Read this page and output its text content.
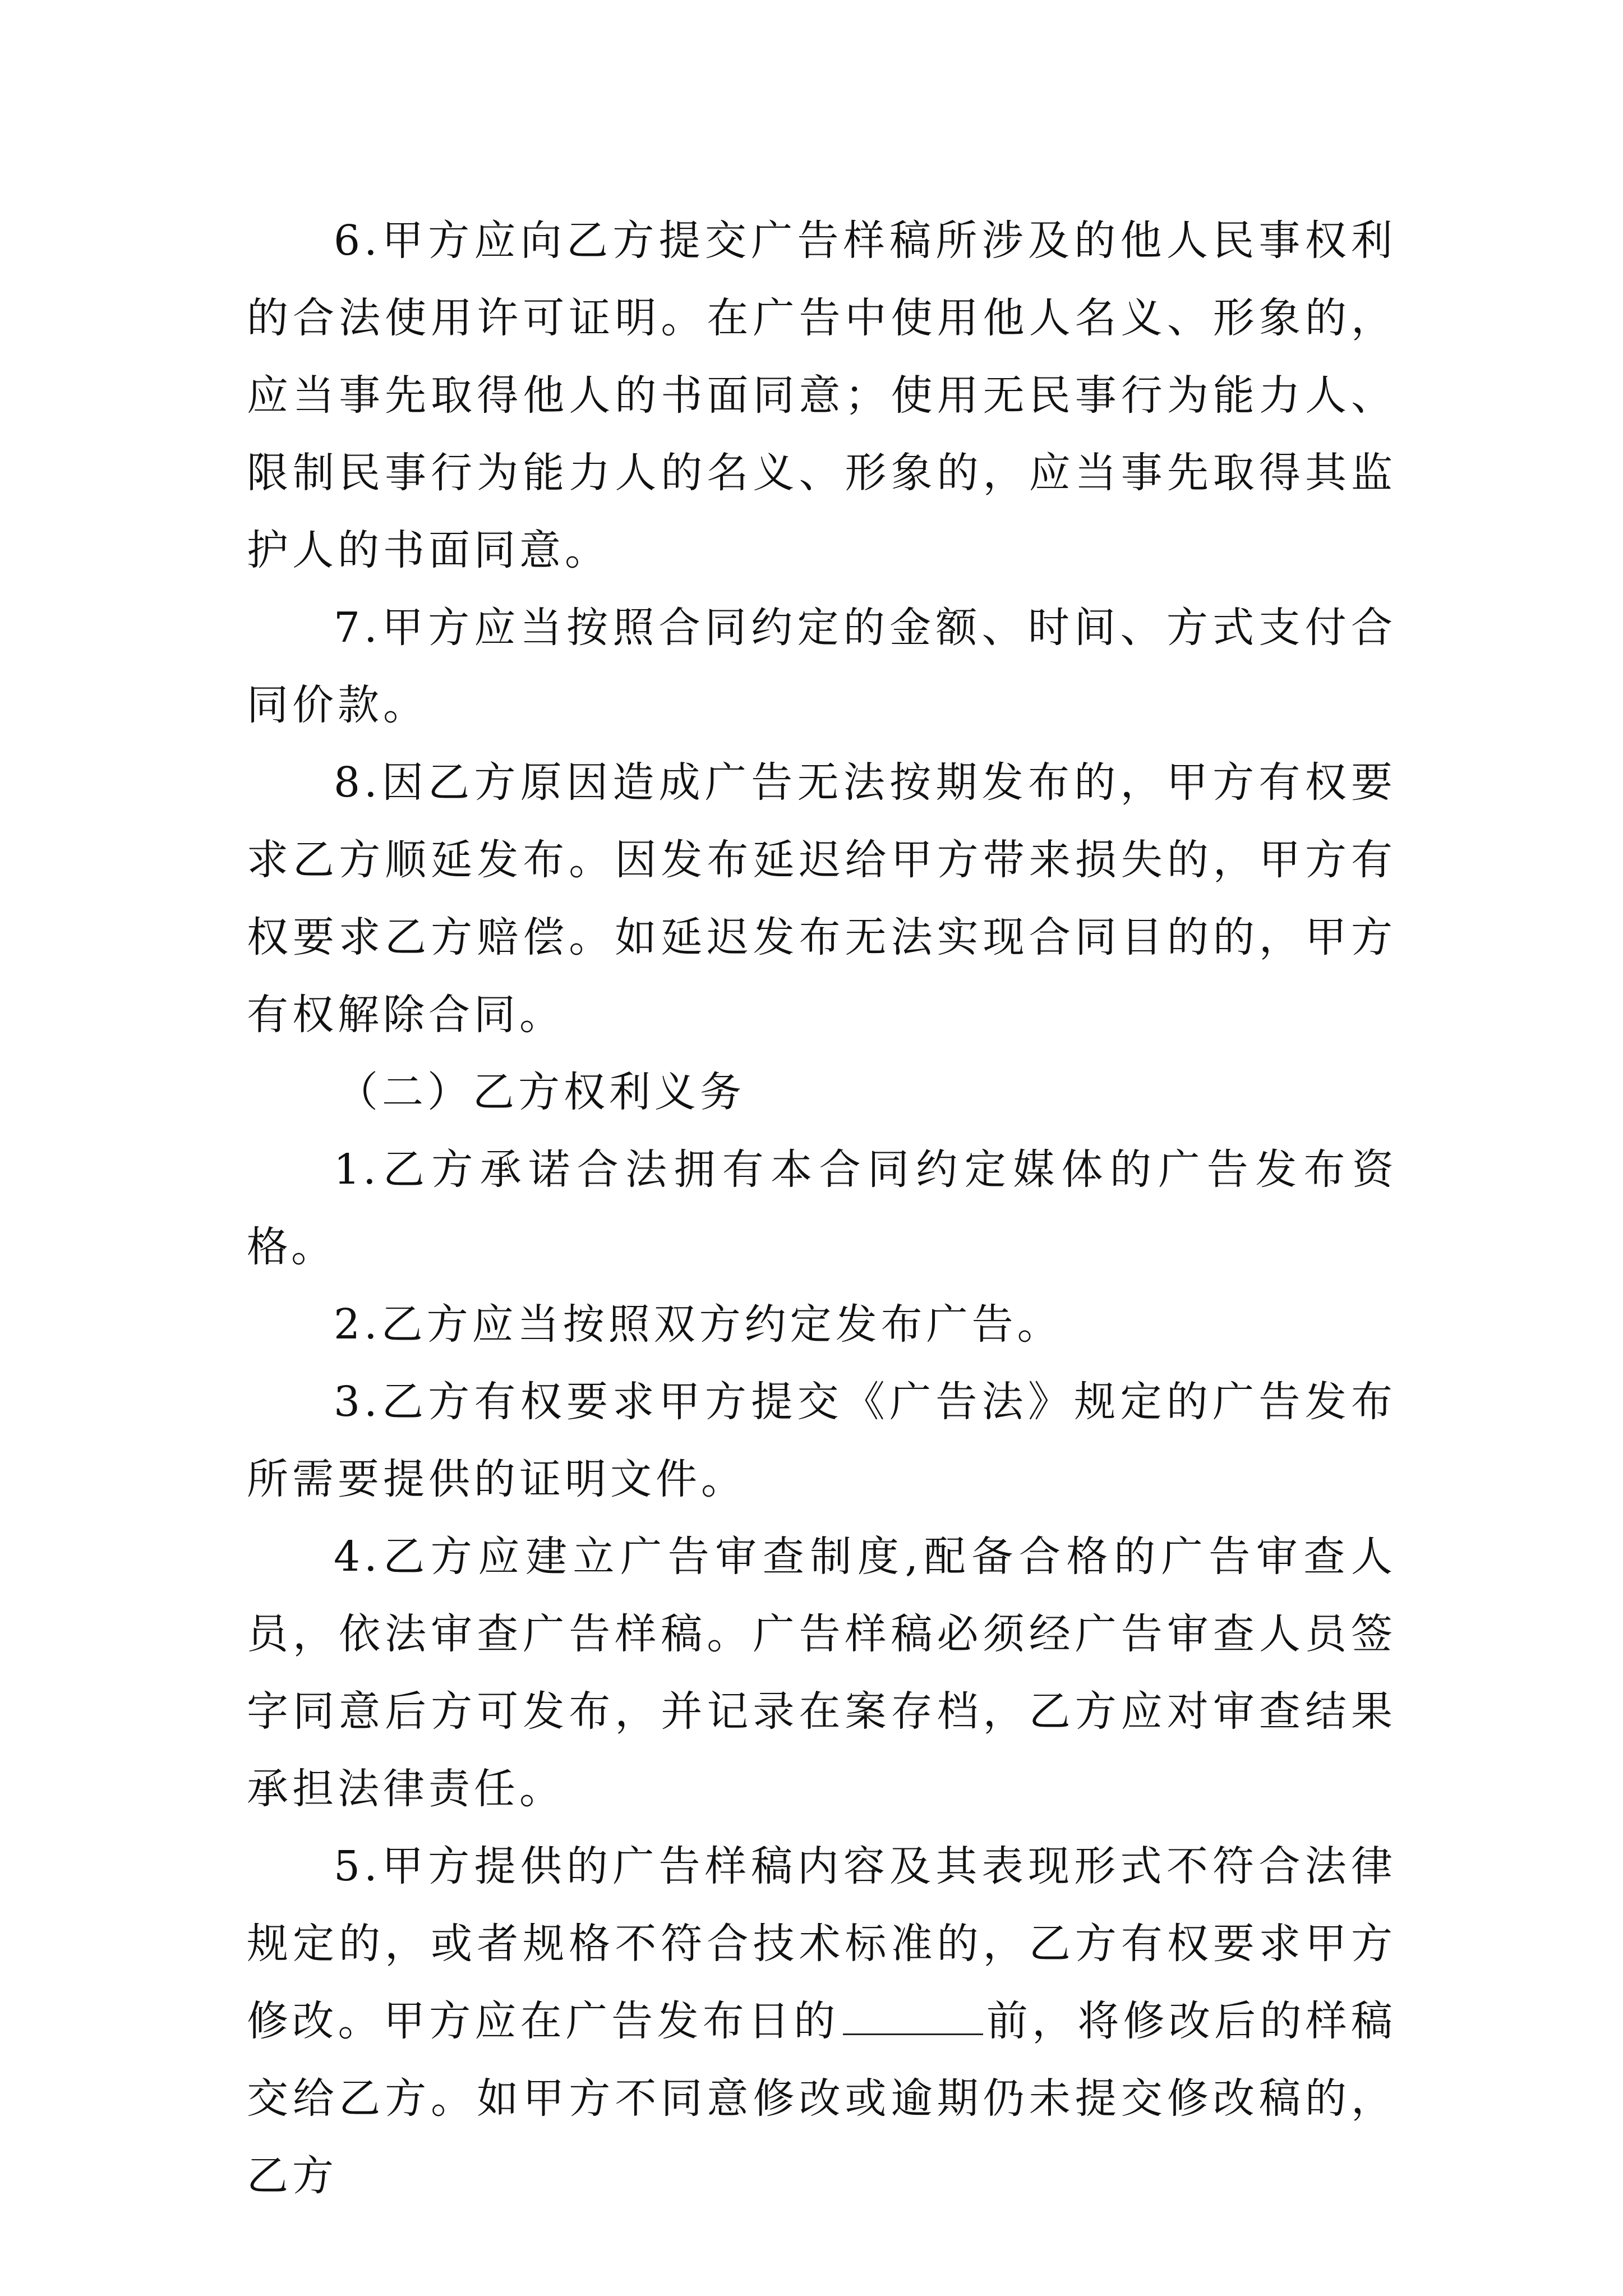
6.甲方应向乙方提交广告样稿所涉及的他人民事权利的合法使用许可证明。在广告中使用他人名义、形象的，应当事先取得他人的书面同意；使用无民事行为能力人、限制民事行为能力人的名义、形象的，应当事先取得其监护人的书面同意。

7.甲方应当按照合同约定的金额、时间、方式支付合同价款。

8.因乙方原因造成广告无法按期发布的，甲方有权要求乙方顺延发布。因发布延迟给甲方带来损失的，甲方有权要求乙方赔偿。如延迟发布无法实现合同目的的，甲方有权解除合同。

（二）乙方权利义务

1.乙方承诺合法拥有本合同约定媒体的广告发布资格。

2.乙方应当按照双方约定发布广告。

3.乙方有权要求甲方提交《广告法》规定的广告发布所需要提供的证明文件。

4.乙方应建立广告审查制度,配备合格的广告审查人员，依法审查广告样稿。广告样稿必须经广告审查人员签字同意后方可发布，并记录在案存档，乙方应对审查结果承担法律责任。

5.甲方提供的广告样稿内容及其表现形式不符合法律规定的，或者规格不符合技术标准的，乙方有权要求甲方修改。甲方应在广告发布日的	前，将修改后的样稿交给乙方。如甲方不同意修改或逾期仍未提交修改稿的，乙方
